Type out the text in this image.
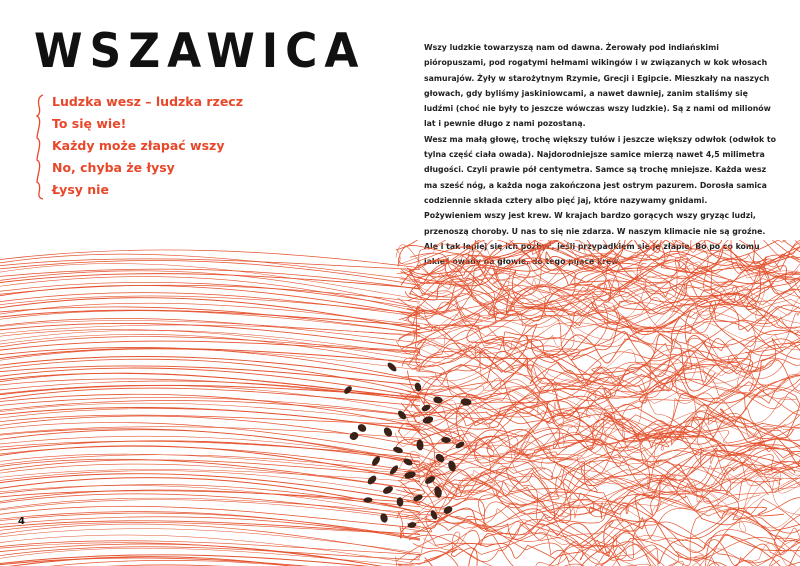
WSZAWICA
Ludzka wesz – ludzka rzecz
To się wie!
Każdy może złapać wszy
No, chyba że łysy
Łysy nie

Wszy ludzkie towarzyszą nam od dawna. Żerowały pod indiańskimi pióropuszami, pod rogatymi hełmami wikingów i w związanych w kok włosach samurajów. Żyły w starożytnym Rzymie, Grecji i Egipcie. Mieszkały na naszych głowach, gdy byliśmy jaskiniowcami, a nawet dawniej, zanim staliśmy się ludźmi (choć nie były to jeszcze wówczas wszy ludzkie). Są z nami od milionów lat i pewnie długo z nami pozostaną.

Wesz ma małą głowę, trochę większy tułów i jeszcze większy odwłok (odwłok to tylna część ciała owada). Najdorodniejsze samice mierzą nawet 4,5 milimetra długości. Czyli prawie pół centymetra. Samce są trochę mniejsze. Każda wesz ma sześć nóg, a każda noga zakończona jest ostrym pazurem. Dorosła samica codziennie składa cztery albo pięć jaj, które nazywamy gnidami.

Pożywieniem wszy jest krew. W krajach bardzo gorących wszy gryząc ludzi, przenoszą choroby. U nas to się nie zdarza. W naszym klimacie nie są groźne. Ale i tak lepiej się ich pozbyć, jeśli przypadkiem się je złapie. Bo po co komu jakieś owady na głowie, do tego pijące krew.

4
